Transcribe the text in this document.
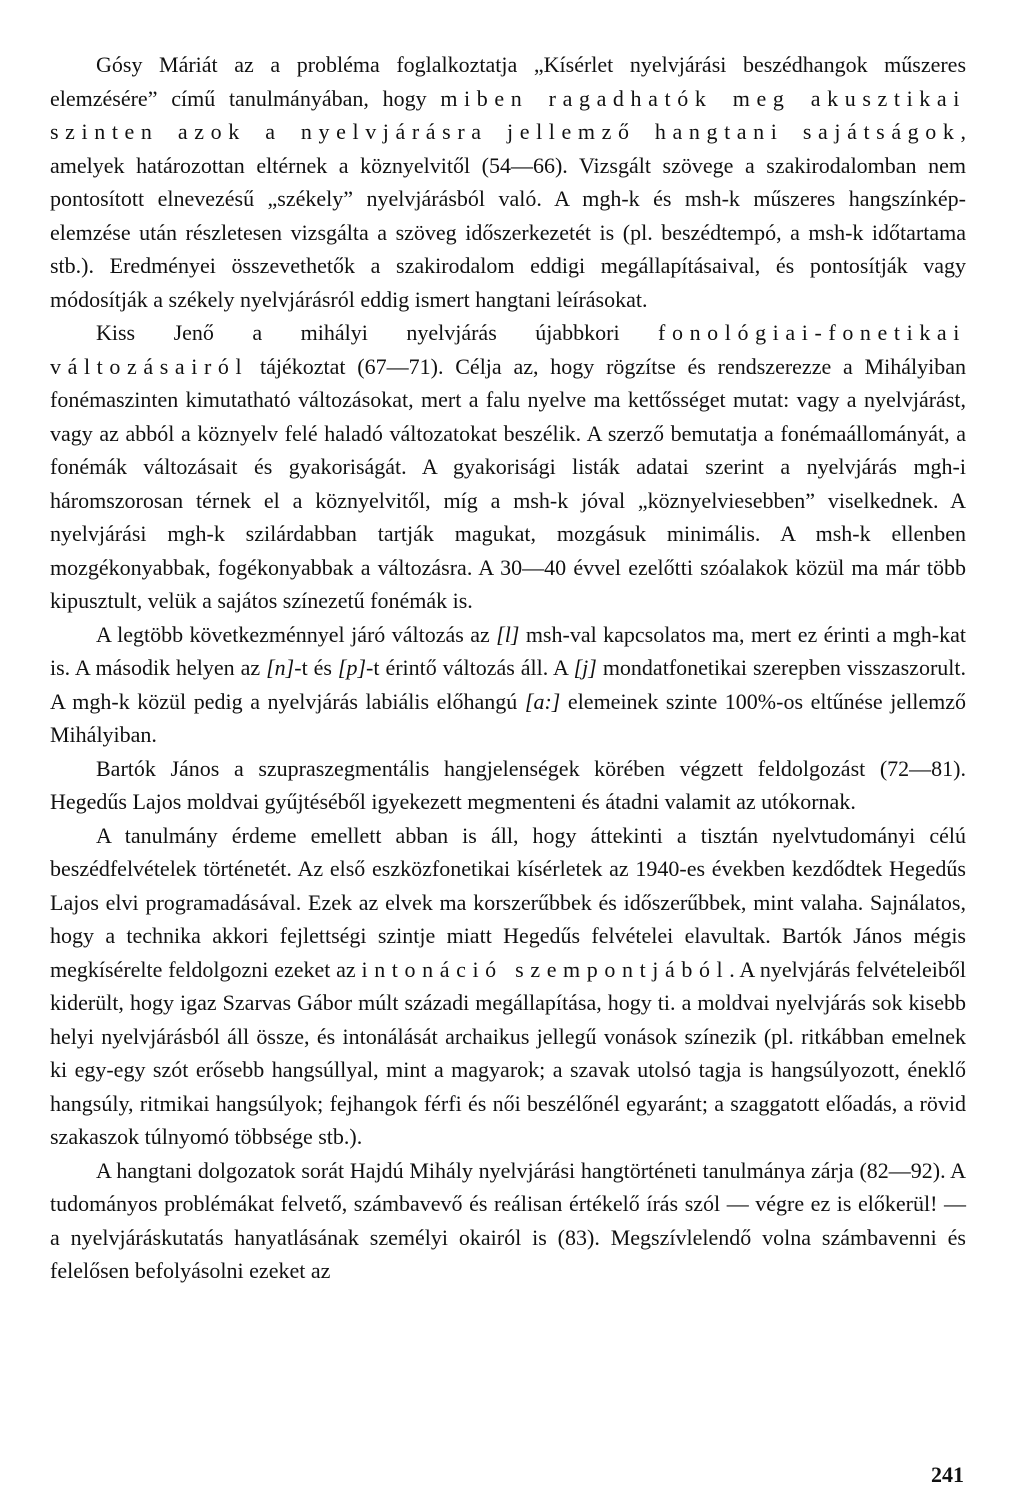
Gósy Máriát az a probléma foglalkoztatja „Kísérlet nyelvjárási beszédhangok műszeres elemzésére” című tanulmányában, hogy miben ragadhatók meg akusztikai szinten azok a nyelvjárásra jellemző hangtani sajátságok, amelyek határozottan eltérnek a köznyelvitől (54—66). Vizsgált szövege a szakirodalomban nem pontosított elnevezésű „székely” nyelvjárásból való. A mgh-k és msh-k műszeres hangszínkép-elemzése után részletesen vizsgálta a szöveg időszerkezetét is (pl. beszédtempó, a msh-k időtartama stb.). Eredményei összevethetők a szakirodalom eddigi megállapításaival, és pontosítják vagy módosítják a székely nyelvjárásról eddig ismert hangtani leírásokat.

Kiss Jenő a mihályi nyelvjárás újabbkori fonológiai-fonetikai változásairól tájékoztat (67—71). Célja az, hogy rögzítse és rendszerezze a Mihályiban fonémaszinten kimutatható változásokat, mert a falu nyelve ma kettősséget mutat: vagy a nyelvjárást, vagy az abból a köznyelv felé haladó változatokat beszélik. A szerző bemutatja a fonémaállományát, a fonémák változásait és gyakoriságát. A gyakorisági listák adatai szerint a nyelvjárás mgh-i háromszorosan térnek el a köznyelvitől, míg a msh-k jóval „köznyelviesebben” viselkednek. A nyelvjárási mgh-k szilárdabban tartják magukat, mozgásuk minimális. A msh-k ellenben mozgékonyabbak, fogékonyabbak a változásra. A 30—40 évvel ezelőtti szóalakok közül ma már több kipusztult, velük a sajátos színezetű fonémák is.

A legtöbb következménnyel járó változás az [l] msh-val kapcsolatos ma, mert ez érinti a mgh-kat is. A második helyen az [n]-t és [p]-t érintő változás áll. A [j] mondatfonetikai szerepben visszaszorult. A mgh-k közül pedig a nyelvjárás labiális előhangú [a:] elemeinek szinte 100%-os eltűnése jellemző Mihályiban.

Bartók János a szupraszegmentális hangjelenségek körében végzett feldolgozást (72—81). Hegedűs Lajos moldvai gyűjtéséből igyekezett megmenteni és átadni valamit az utókornak.

A tanulmány érdeme emellett abban is áll, hogy áttekinti a tisztán nyelvtudományi célú beszédfelvételek történetét. Az első eszközfonetikai kísérletek az 1940-es években kezdődtek Hegedűs Lajos elvi programadásával. Ezek az elvek ma korszerűbbek és időszerűbbek, mint valaha. Sajnálatos, hogy a technika akkori fejlettségi szintje miatt Hegedűs felvételei elavultak. Bartók János mégis megkísérelte feldolgozni ezeket az intonáció szempontjából. A nyelvjárás felvételeiből kiderült, hogy igaz Szarvas Gábor múlt századi megállapítása, hogy ti. a moldvai nyelvjárás sok kisebb helyi nyelvjárásból áll össze, és intonálását archaikus jellegű vonások színezik (pl. ritkábban emelnek ki egy-egy szót erősebb hangsúllyal, mint a magyarok; a szavak utolsó tagja is hangsúlyozott, éneklő hangsúly, ritmikai hangsúlyok; fejhangok férfi és női beszélőnél egyaránt; a szaggatott előadás, a rövid szakaszok túlnyomó többsége stb.).

A hangtani dolgozatok sorát Hajdú Mihály nyelvjárási hangtörténeti tanulmánya zárja (82—92). A tudományos problémákat felvető, számbavevő és reálisan értékelő írás szól — végre ez is előkerül! — a nyelvjáráskutatás hanyatlásának személyi okairól is (83). Megszívlelendő volna számbavenni és felelősen befolyásolni ezeket az

241
